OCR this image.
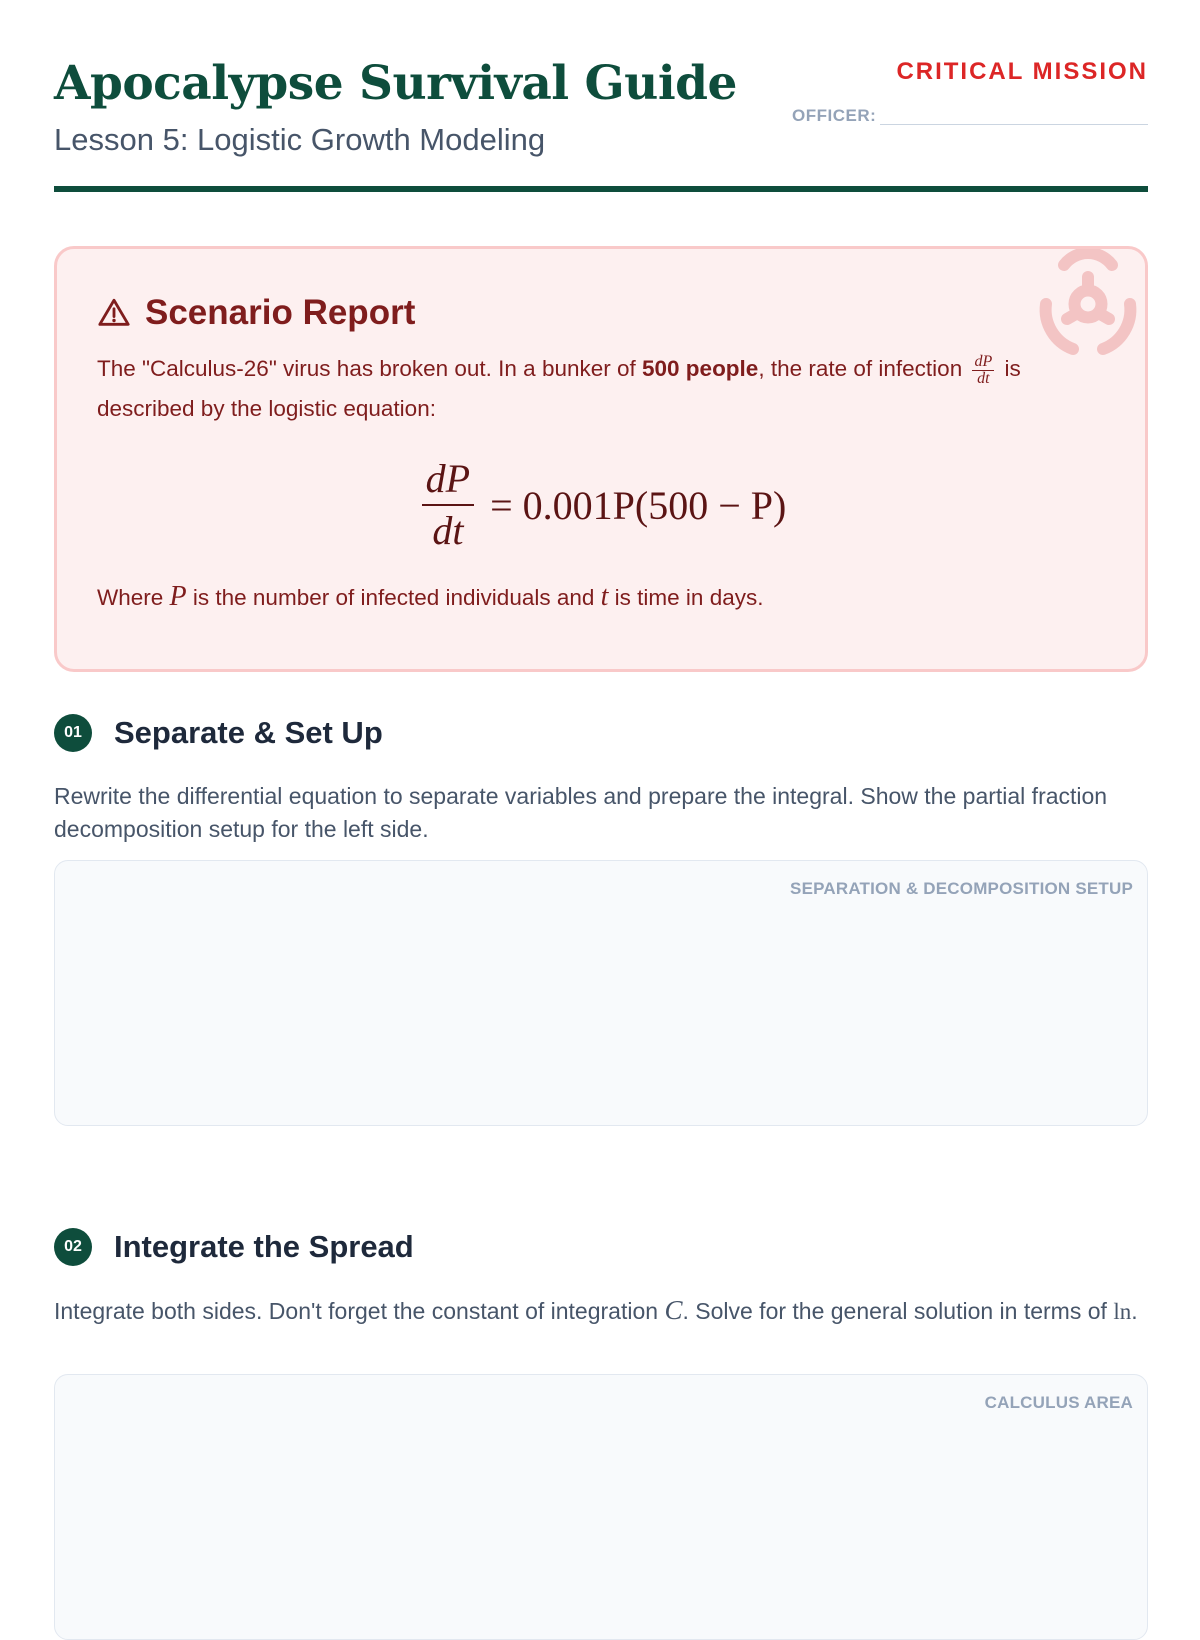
Apocalypse Survival Guide
Lesson 5: Logistic Growth Modeling
CRITICAL MISSION
OFFICER:
Scenario Report
The "Calculus-26" virus has broken out. In a bunker of 500 people, the rate of infection $\frac{dP}{dt}$ is described by the logistic equation:
$\frac{dP}{dt} = 0.001P(500 - P)$
Where P is the number of infected individuals and t is time in days.
01	Separate & Set Up
Rewrite the differential equation to separate variables and prepare the integral. Show the partial fraction decomposition setup for the left side.
SEPARATION & DECOMPOSITION SETUP
02	Integrate the Spread
Integrate both sides. Don't forget the constant of integration C. Solve for the general solution in terms of ln.
CALCULUS AREA
